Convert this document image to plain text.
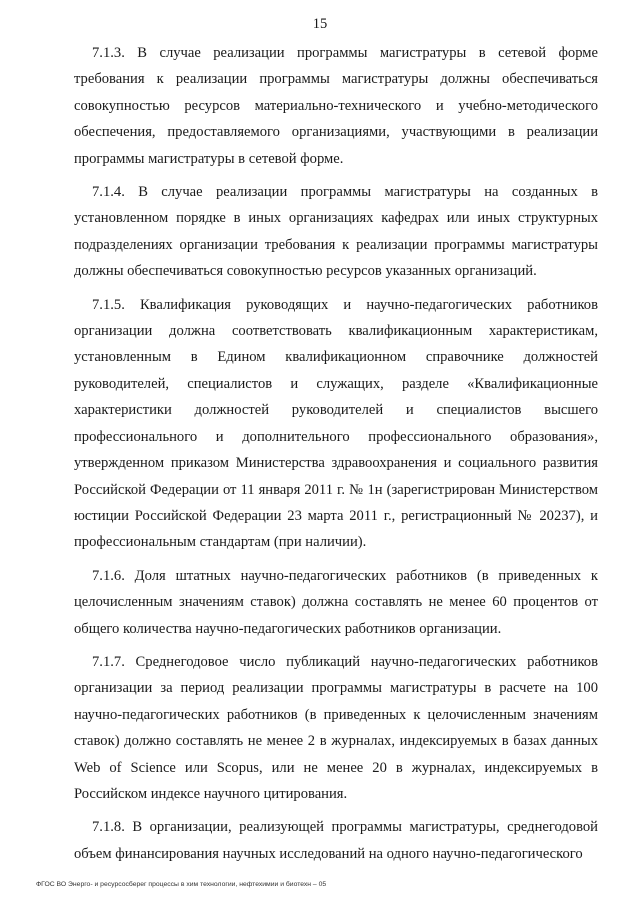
15

7.1.3. В случае реализации программы магистратуры в сетевой форме требования к реализации программы магистратуры должны обеспечиваться совокупностью ресурсов материально-технического и учебно-методического обеспечения, предоставляемого организациями, участвующими в реализации программы магистратуры в сетевой форме.

7.1.4. В случае реализации программы магистратуры на созданных в установленном порядке в иных организациях кафедрах или иных структурных подразделениях организации требования к реализации программы магистратуры должны обеспечиваться совокупностью ресурсов указанных организаций.

7.1.5. Квалификация руководящих и научно-педагогических работников организации должна соответствовать квалификационным характеристикам, установленным в Едином квалификационном справочнике должностей руководителей, специалистов и служащих, разделе «Квалификационные характеристики должностей руководителей и специалистов высшего профессионального и дополнительного профессионального образования», утвержденном приказом Министерства здравоохранения и социального развития Российской Федерации от 11 января 2011 г. № 1н (зарегистрирован Министерством юстиции Российской Федерации 23 марта 2011 г., регистрационный № 20237), и профессиональным стандартам (при наличии).

7.1.6. Доля штатных научно-педагогических работников (в приведенных к целочисленным значениям ставок) должна составлять не менее 60 процентов от общего количества научно-педагогических работников организации.

7.1.7. Среднегодовое число публикаций научно-педагогических работников организации за период реализации программы магистратуры в расчете на 100 научно-педагогических работников (в приведенных к целочисленным значениям ставок) должно составлять не менее 2 в журналах, индексируемых в базах данных Web of Science или Scopus, или не менее 20 в журналах, индексируемых в Российском индексе научного цитирования.

7.1.8. В организации, реализующей программы магистратуры, среднегодовой объем финансирования научных исследований на одного научно-педагогического

ФГОС ВО Энерго- и ресурсосберег процессы в хим технологии, нефтехимии и биотехн – 05
